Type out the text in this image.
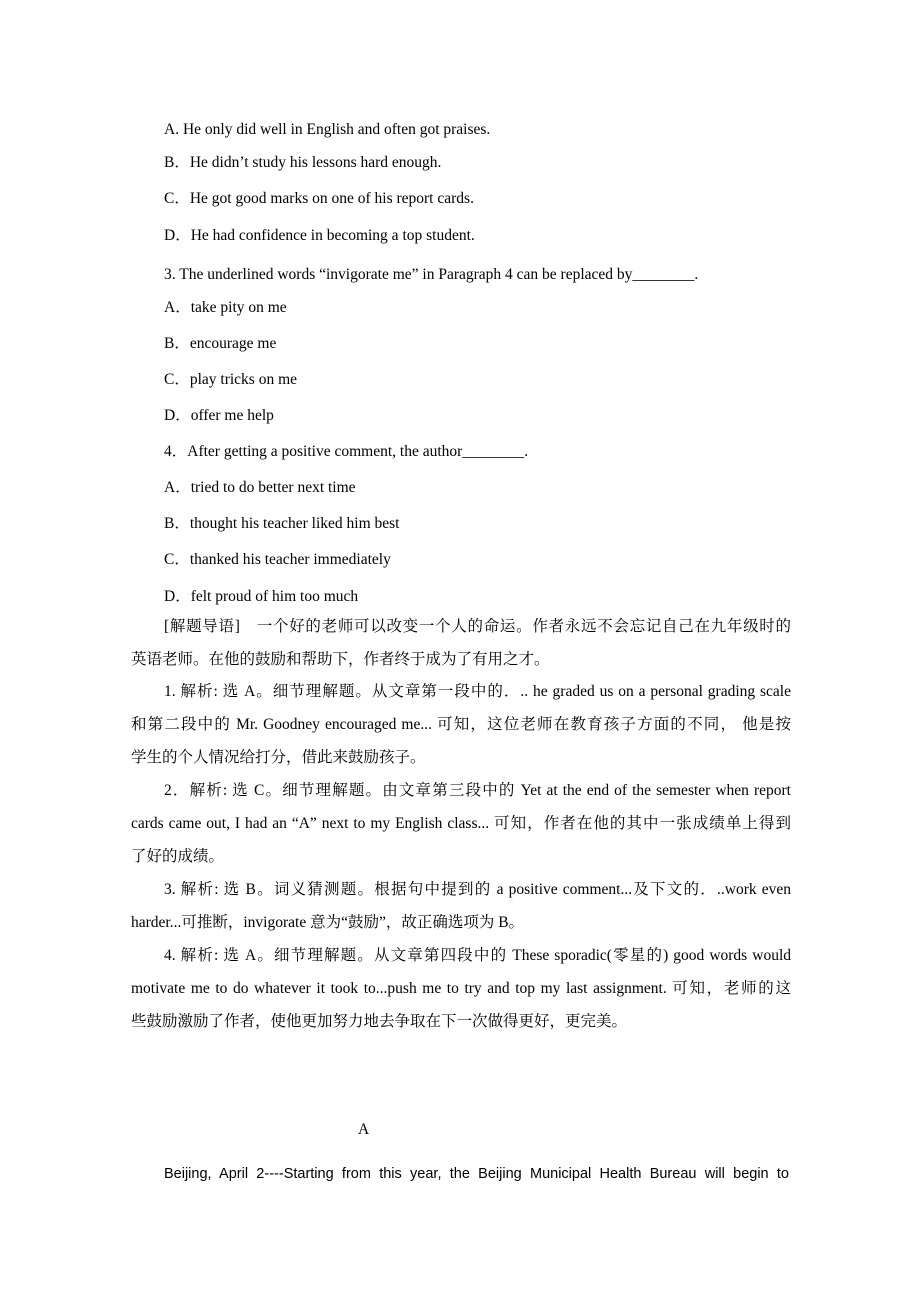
A. He only did well in English and often got praises.
B．He didn’t study his lessons hard enough.
C．He got good marks on one of his report cards.
D．He had confidence in becoming a top student.
3. The underlined words “invigorate me” in Paragraph 4 can be replaced by________.
A．take pity on me
B．encourage me
C．play tricks on me
D．offer me help
4．After getting a positive comment, the author________.
A．tried to do better next time
B．thought his teacher liked him best
C．thanked his teacher immediately
D．felt proud of him too much
[解题导语]　一个好的老师可以改变一个人的命运。作者永远不会忘记自己在九年级时的
英语老师。在他的鼓励和帮助下，作者终于成为了有用之才。
1. 解析: 选 A。细节理解题。从文章第一段中的．.. he graded us on a personal grading scale
和第二段中的 Mr. Goodney encouraged me... 可知，这位老师在教育孩子方面的不同， 他是按
学生的个人情况给打分，借此来鼓励孩子。
2．解析: 选 C。细节理解题。由文章第三段中的 Yet at the end of the semester when report
cards came out, I had an “A” next to my English class... 可知，作者在他的其中一张成绩单上得到
了好的成绩。
3. 解析: 选 B。词义猜测题。根据句中提到的 a positive comment...及下文的．..work even
harder...可推断，invigorate 意为“鼓励”，故正确选项为 B。
4. 解析: 选 A。细节理解题。从文章第四段中的 These sporadic(零星的) good words would
motivate me to do whatever it took to...push me to try and top my last assignment. 可知，老师的这
些鼓励激励了作者，使他更加努力地去争取在下一次做得更好，更完美。
A
Beijing, April 2----Starting from this year, the Beijing Municipal Health Bureau will begin to
